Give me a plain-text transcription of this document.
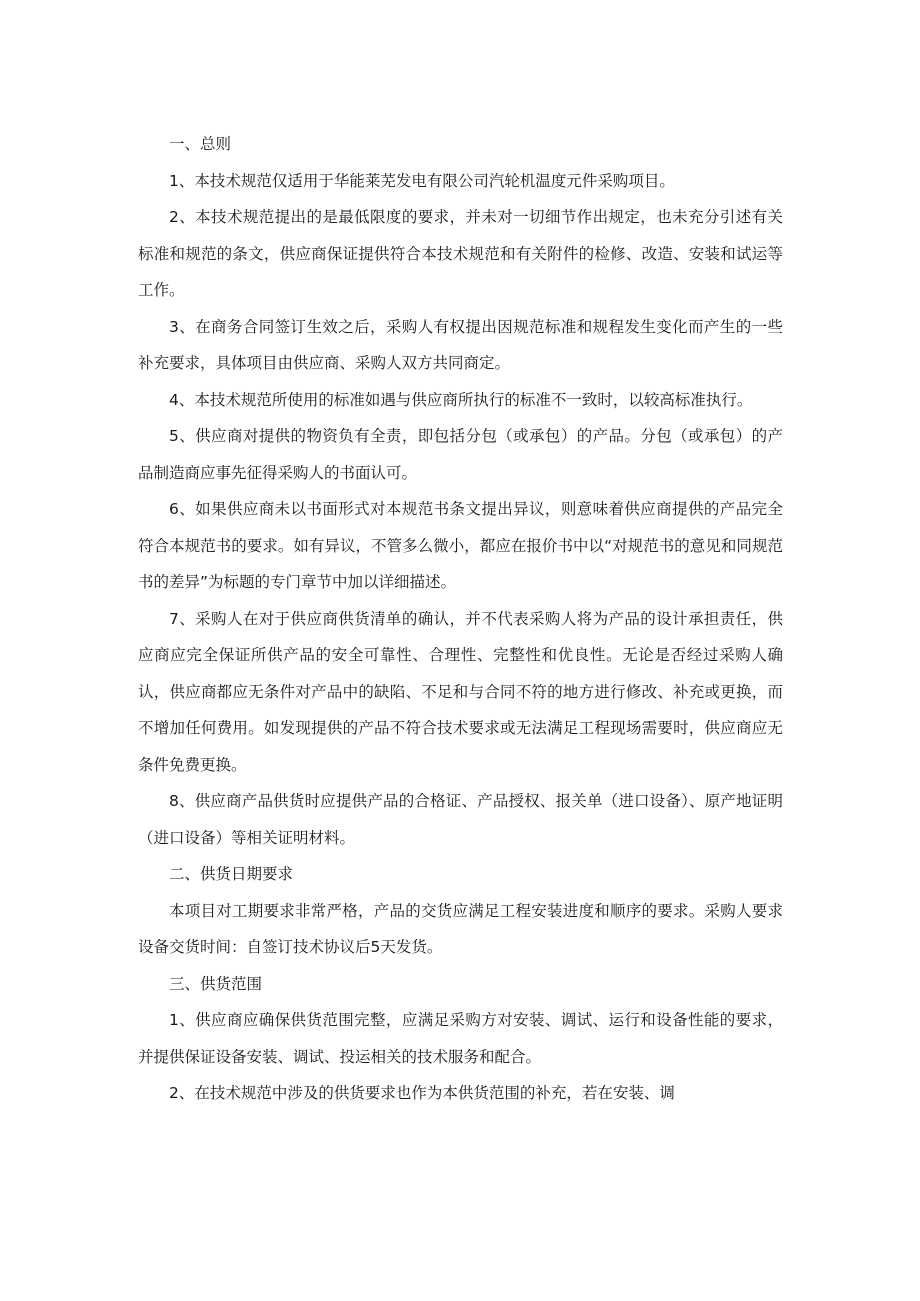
一、总则

1、本技术规范仅适用于华能莱芜发电有限公司汽轮机温度元件采购项目。

2、本技术规范提出的是最低限度的要求，并未对一切细节作出规定，也未充分引述有关标准和规范的条文，供应商保证提供符合本技术规范和有关附件的检修、改造、安装和试运等工作。

3、在商务合同签订生效之后，采购人有权提出因规范标准和规程发生变化而产生的一些补充要求，具体项目由供应商、采购人双方共同商定。

4、本技术规范所使用的标准如遇与供应商所执行的标准不一致时，以较高标准执行。

5、供应商对提供的物资负有全责，即包括分包（或承包）的产品。分包（或承包）的产品制造商应事先征得采购人的书面认可。

6、如果供应商未以书面形式对本规范书条文提出异议，则意味着供应商提供的产品完全符合本规范书的要求。如有异议，不管多么微小，都应在报价书中以“对规范书的意见和同规范书的差异”为标题的专门章节中加以详细描述。

7、采购人在对于供应商供货清单的确认，并不代表采购人将为产品的设计承担责任，供应商应完全保证所供产品的安全可靠性、合理性、完整性和优良性。无论是否经过采购人确认，供应商都应无条件对产品中的缺陷、不足和与合同不符的地方进行修改、补充或更换，而不增加任何费用。如发现提供的产品不符合技术要求或无法满足工程现场需要时，供应商应无条件免费更换。

8、供应商产品供货时应提供产品的合格证、产品授权、报关单（进口设备）、原产地证明（进口设备）等相关证明材料。

二、供货日期要求

本项目对工期要求非常严格，产品的交货应满足工程安装进度和顺序的要求。采购人要求设备交货时间：自签订技术协议后5天发货。

三、供货范围

1、供应商应确保供货范围完整，应满足采购方对安装、调试、运行和设备性能的要求，并提供保证设备安装、调试、投运相关的技术服务和配合。

2、在技术规范中涉及的供货要求也作为本供货范围的补充，若在安装、调
